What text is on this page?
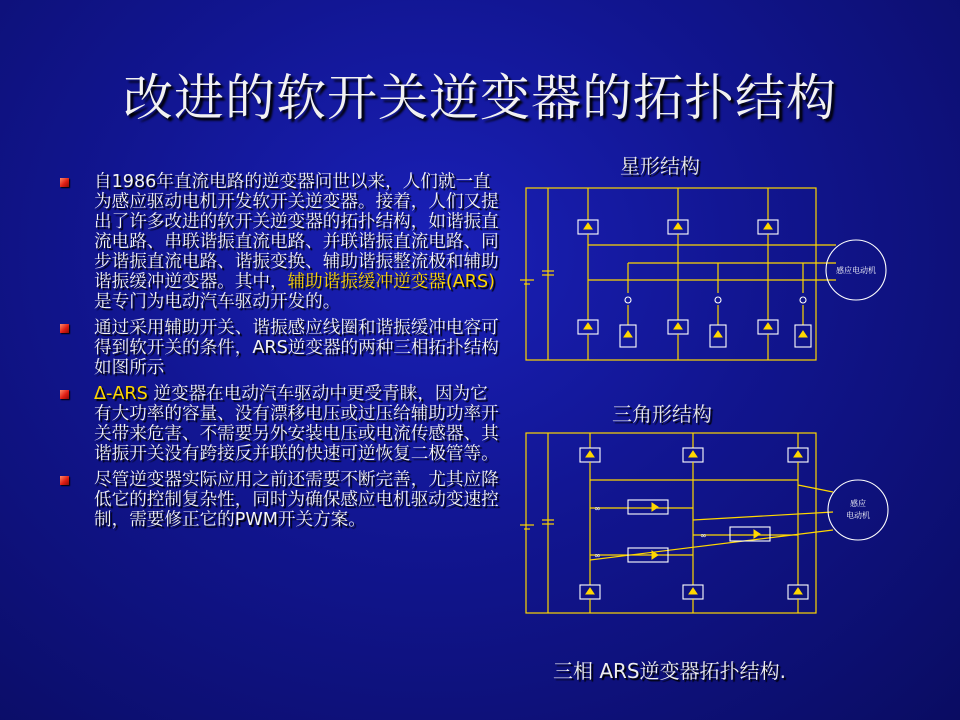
改进的软开关逆变器的拓扑结构
自1986年直流电路的逆变器问世以来，人们就一直为感应驱动电机开发软开关逆变器。接着，人们又提出了许多改进的软开关逆变器的拓扑结构，如谐振直流电路、串联谐振直流电路、并联谐振直流电路、同步谐振直流电路、谐振变换、辅助谐振整流极和辅助谐振缓冲逆变器。其中，辅助谐振缓冲逆变器(ARS)是专门为电动汽车驱动开发的。
通过采用辅助开关、谐振感应线圈和谐振缓冲电容可得到软开关的条件，ARS逆变器的两种三相拓扑结构如图所示
Δ-ARS 逆变器在电动汽车驱动中更受青睐，因为它有大功率的容量、没有漂移电压或过压给辅助功率开关带来危害、不需要另外安装电压或电流传感器、其谐振开关没有跨接反并联的快速可逆恢复二极管等。
尽管逆变器实际应用之前还需要不断完善，尤其应降低它的控制复杂性，同时为确保感应电机驱动变速控制，需要修正它的PWM开关方案。
星形结构
三角形结构
三相 ARS逆变器拓扑结构.
感应电动机
∞
∞
∞
感应
电动机
